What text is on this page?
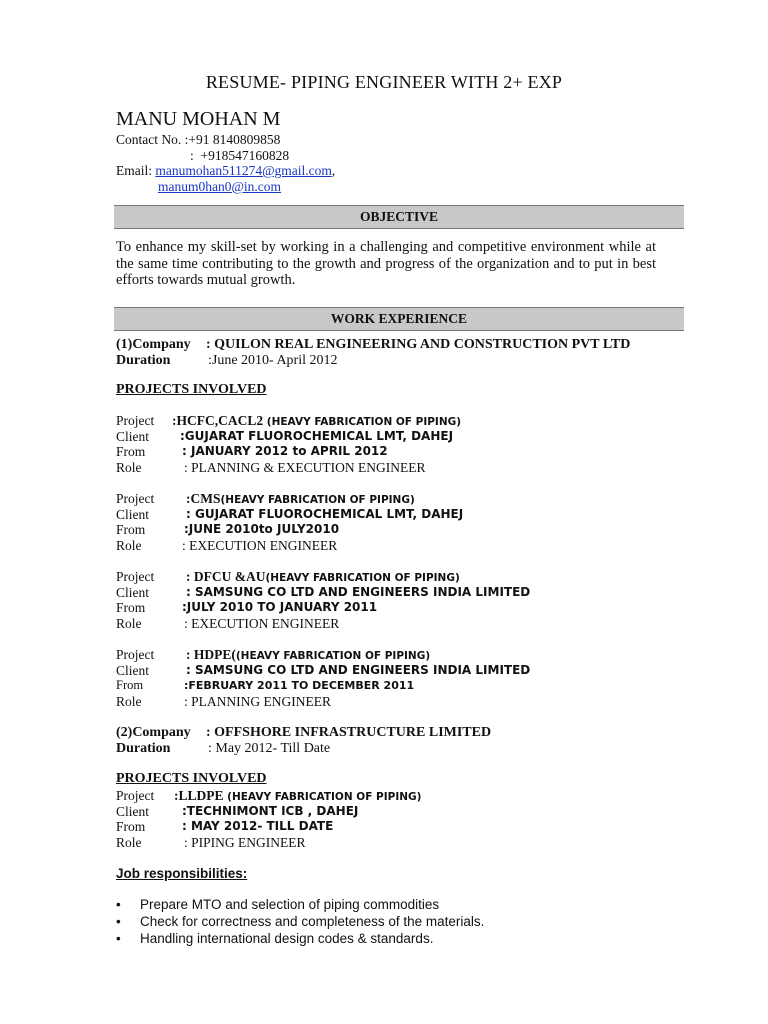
RESUME- PIPING ENGINEER WITH 2+ EXP
MANU MOHAN M
Contact No. :+91 8140809858
: +918547160828
Email: manumohan511274@gmail.com,
manum0han0@in.com
OBJECTIVE
To enhance my skill-set by working in a challenging and competitive environment while at the same time contributing to the growth and progress of the organization and to put in best efforts towards mutual growth.
WORK EXPERIENCE
(1)Company : QUILON REAL ENGINEERING AND CONSTRUCTION PVT LTD
Duration	:June 2010- April 2012
PROJECTS INVOLVED
Project :HCFC,CACL2 (HEAVY FABRICATION OF PIPING)
Client	:GUJARAT FLUOROCHEMICAL LMT, DAHEJ
From	: JANUARY 2012 to APRIL 2012
Role	: PLANNING & EXECUTION ENGINEER
Project :CMS(HEAVY FABRICATION OF PIPING)
Client	: GUJARAT FLUOROCHEMICAL LMT, DAHEJ
From	:JUNE 2010to JULY2010
Role	: EXECUTION ENGINEER
Project : DFCU &AU(HEAVY FABRICATION OF PIPING)
Client	: SAMSUNG CO LTD AND ENGINEERS INDIA LIMITED
From	:JULY 2010 TO JANUARY 2011
Role	: EXECUTION ENGINEER
Project : HDPE((HEAVY FABRICATION OF PIPING)
Client	: SAMSUNG CO LTD AND ENGINEERS INDIA LIMITED
From	:FEBRUARY 2011 TO DECEMBER 2011
Role	: PLANNING ENGINEER
(2)Company : OFFSHORE INFRASTRUCTURE LIMITED
Duration	: May 2012- Till Date
PROJECTS INVOLVED
Project :LLDPE (HEAVY FABRICATION OF PIPING)
Client	:TECHNIMONT ICB , DAHEJ
From	: MAY 2012- TILL DATE
Role	: PIPING ENGINEER
Job responsibilities:
• Prepare MTO and selection of piping commodities
• Check for correctness and completeness of the materials.
• Handling international design codes & standards.
